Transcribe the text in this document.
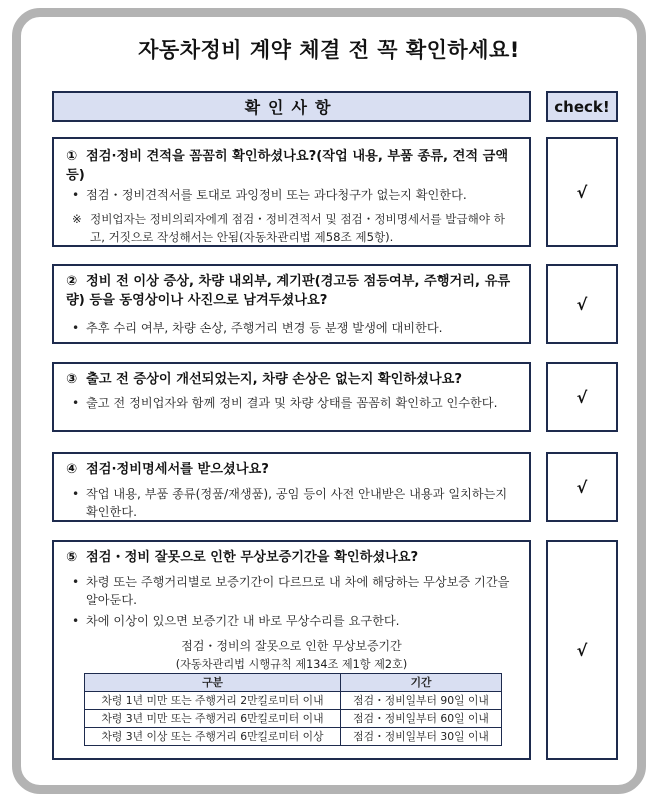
자동차정비 계약 체결 전 꼭 확인하세요!
확인사항	check!
① 점검·정비 견적을 꼼꼼히 확인하셨나요?(작업 내용, 부품 종류, 견적 금액 등)
• 점검・정비견적서를 토대로 과잉정비 또는 과다청구가 없는지 확인한다.
※ 정비업자는 정비의뢰자에게 점검・정비견적서 및 점검・정비명세서를 발급해야 하고, 거짓으로 작성해서는 안됨(자동차관리법 제58조 제5항).
√
② 정비 전 이상 증상, 차량 내외부, 계기판(경고등 점등여부, 주행거리, 유류량) 등을 동영상이나 사진으로 남겨두셨나요?
• 추후 수리 여부, 차량 손상, 주행거리 변경 등 분쟁 발생에 대비한다.
√
③ 출고 전 증상이 개선되었는지, 차량 손상은 없는지 확인하셨나요?
• 출고 전 정비업자와 함께 정비 결과 및 차량 상태를 꼼꼼히 확인하고 인수한다.	√
④ 점검·정비명세서를 받으셨나요?
• 작업 내용, 부품 종류(정품/재생품), 공임 등이 사전 안내받은 내용과 일치하는지 확인한다.
√
⑤ 점검・정비 잘못으로 인한 무상보증기간을 확인하셨나요?
• 차령 또는 주행거리별로 보증기간이 다르므로 내 차에 해당하는 무상보증 기간을 알아둔다.
• 차에 이상이 있으면 보증기간 내 바로 무상수리를 요구한다.
점검・정비의 잘못으로 인한 무상보증기간
(자동차관리법 시행규칙 제134조 제1항 제2호)
구분	기간
차령 1년 미만 또는 주행거리 2만킬로미터 이내	점검・정비일부터 90일 이내
차령 3년 미만 또는 주행거리 6만킬로미터 이내	점검・정비일부터 60일 이내
차령 3년 이상 또는 주행거리 6만킬로미터 이상	점검・정비일부터 30일 이내
√
